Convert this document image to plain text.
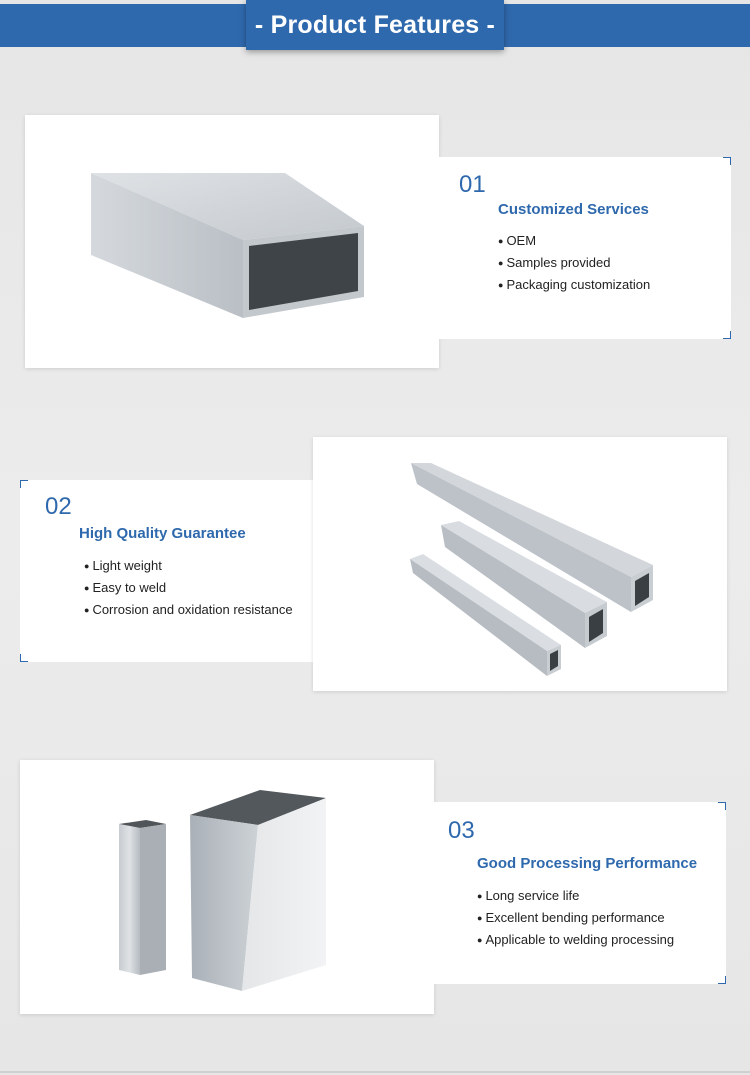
- Product Features -
01
Customized Services
● OEM
● Samples provided
● Packaging customization
02
High Quality Guarantee
● Light weight
● Easy to weld
● Corrosion and oxidation resistance
03
Good Processing Performance
● Long service life
● Excellent bending performance
● Applicable to welding processing
